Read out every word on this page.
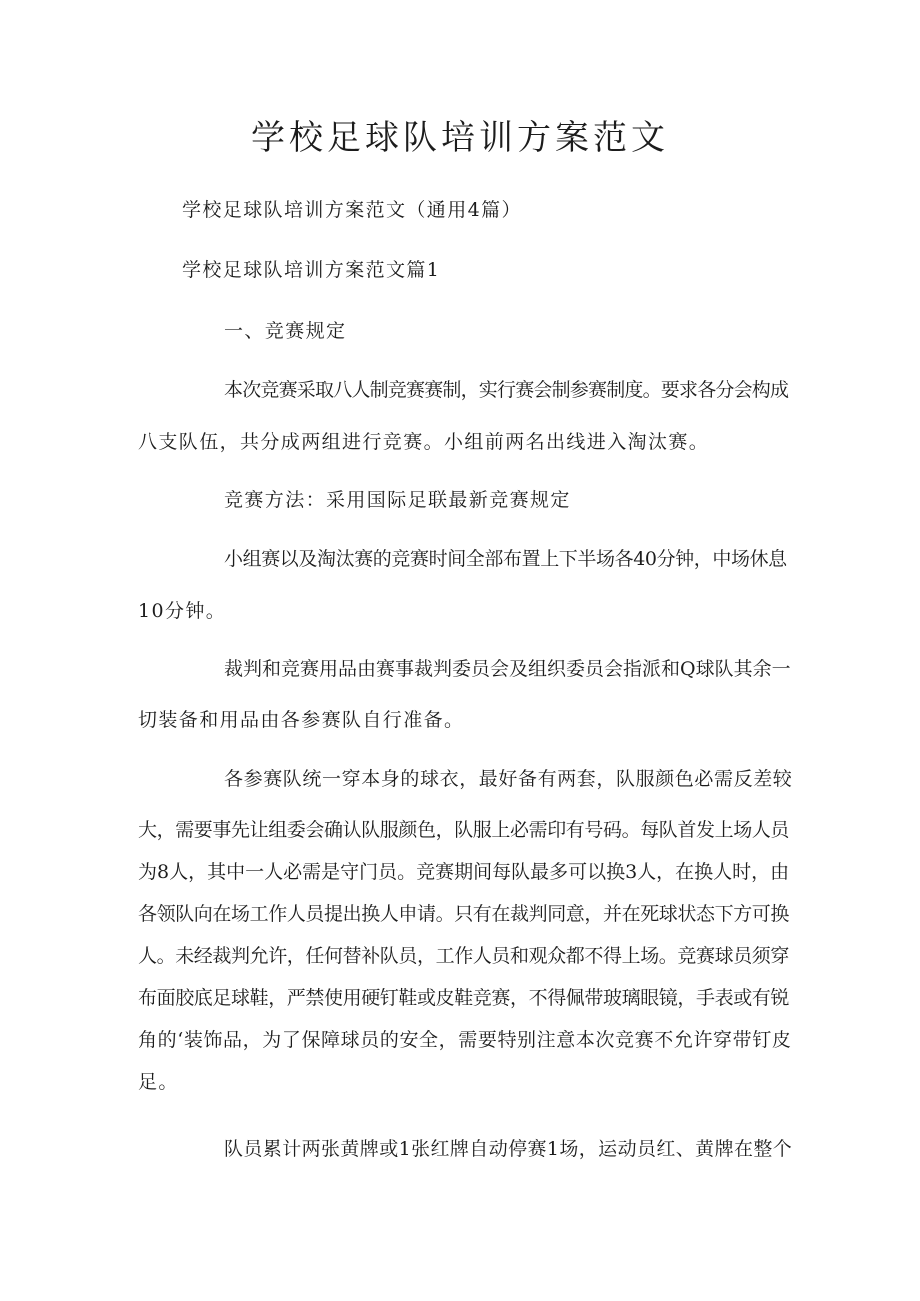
学校足球队培训方案范文
学校足球队培训方案范文（通用4篇）
学校足球队培训方案范文篇1
一、竞赛规定
本次竞赛采取八人制竞赛赛制，实行赛会制参赛制度。要求各分会构成
八支队伍，共分成两组进行竞赛。小组前两名出线进入淘汰赛。
竞赛方法：采用国际足联最新竞赛规定
小组赛以及淘汰赛的竞赛时间全部布置上下半场各40分钟，中场休息
10分钟。
裁判和竞赛用品由赛事裁判委员会及组织委员会指派和Q球队其余一
切装备和用品由各参赛队自行准备。
各参赛队统一穿本身的球衣，最好备有两套，队服颜色必需反差较
大，需要事先让组委会确认队服颜色，队服上必需印有号码。每队首发上场人员
为8人，其中一人必需是守门员。竞赛期间每队最多可以换3人，在换人时，由
各领队向在场工作人员提出换人申请。只有在裁判同意，并在死球状态下方可换
人。未经裁判允许，任何替补队员，工作人员和观众都不得上场。竞赛球员须穿
布面胶底足球鞋，严禁使用硬钉鞋或皮鞋竞赛，不得佩带玻璃眼镜，手表或有锐
角的‘装饰品，为了保障球员的安全，需要特别注意本次竞赛不允许穿带钉皮
足。
队员累计两张黄牌或1张红牌自动停赛1场，运动员红、黄牌在整个
